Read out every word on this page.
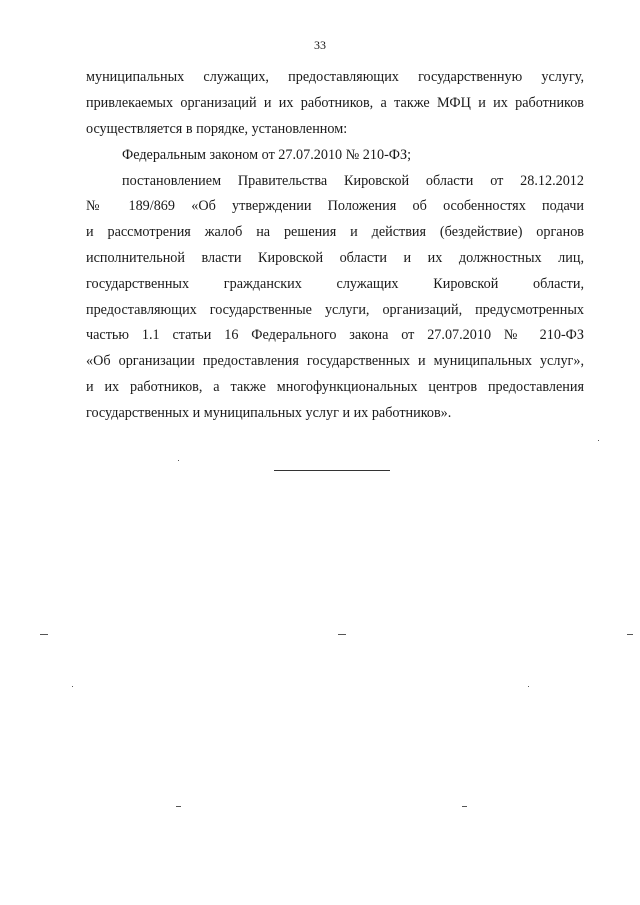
33
муниципальных служащих, предоставляющих государственную услугу,
привлекаемых организаций и их работников, а также МФЦ и их работников
осуществляется в порядке, установленном:
Федеральным законом от 27.07.2010 № 210-ФЗ;
постановлением Правительства Кировской области от 28.12.2012
№ 189/869 «Об утверждении Положения об особенностях подачи
и рассмотрения жалоб на решения и действия (бездействие) органов
исполнительной власти Кировской области и их должностных лиц,
государственных гражданских служащих Кировской области,
предоставляющих государственные услуги, организаций, предусмотренных
частью 1.1 статьи 16 Федерального закона от 27.07.2010 № 210-ФЗ
«Об организации предоставления государственных и муниципальных услуг»,
и их работников, а также многофункциональных центров предоставления
государственных и муниципальных услуг и их работников».
